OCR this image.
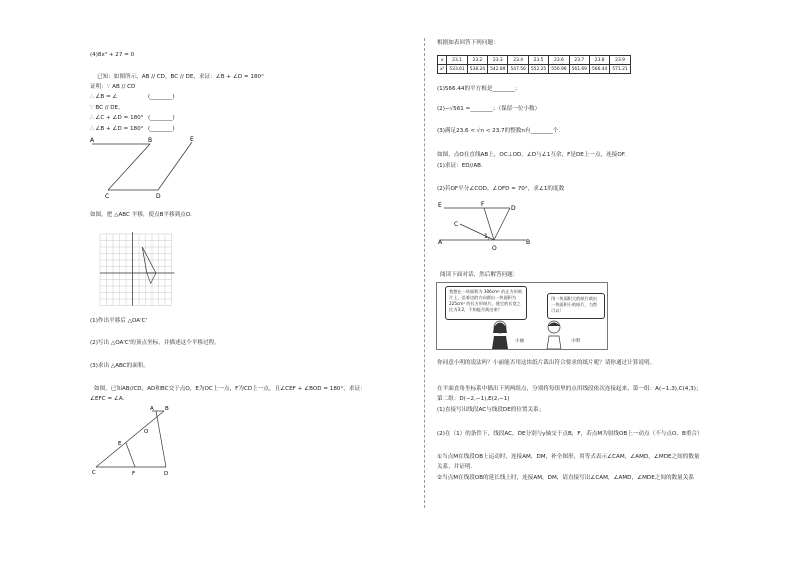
(4)8x³ + 27 = 0
已知：如图所示，AB // CD，BC // DE，求证：∠B + ∠D = 180°
证明：∵ AB // CD
∴ ∠B = ∠	(________)
∵ BC // DE，
∴ ∠C + ∠D = 180° (________)
∴ ∠B + ∠D = 180° (________)
A	B
C	D
E
如图，把 △ABC 平移，使点B平移到点O.
(1)作出平移后 △OA'C'
(2)写出 △OA'C'的顶点坐标，并描述这个平移过程。
(3)求出 △ABC的面积。
如图，已知AB//CD，AD和BC交于点O，E为OC上一点，F为CD上一点，且∠CEF + ∠BOD = 180°，求证：
∠EFC = ∠A.
A B
O
E
C	F	D
根据如表回答下列问题：
x	23.1	23.2	23.3	23.4	23.5	23.6	23.7	23.8	23.9
x²	533.61	538.24	542.89	547.56	552.25	556.96	561.69	566.44	571.21
(1)566.44的平方根是________；
(2)−√561 ≈________；（保留一位小数）
(3)满足23.6 < √n < 23.7的整数n有________个.
如图，点O在直线AB上，OC⊥OD，∠D与∠1互余，F是DE上一点，连接OF.
(1)求证：ED//AB.
(2)若OF平分∠COD，∠OFD = 70°，求∠1的度数
E	F
D
C
1
A
O
B
阅读下面对话，然后解答问题：
我想在一块面积为 306cm² 的正方形纸片上，沿着边的方向裁出一块面积为 225cm² 的长方形纸片，使它的长宽之比为3:2，不知能否裁出来？
用一块面积大的纸片裁出一块面积小的纸片，当然可以！
小丽	小明
你同意小明的说法吗？小丽能否用这块纸片裁出符合要求的纸片呢？请你通过计算说明。
在平面直角坐标系中描出下列两组点，分别将每组里的点用线段依次连接起来，第一组：A(−1,3),C(4,3)；
第二组：D(−2,−1),E(2,−1)
(1)直接写出线段AC与线段DE的位置关系；
(2)在（1）的条件下，线段AC，DE分别与y轴交于点B，F，若点M为射线OB上一动点（不与点O，B重合）
①当点M在线段OB上运动时，连接AM，DM，补全图形，用等式表示∠CAM，∠AMD，∠MDE之间的数量
关系，并证明.
②当点M在线段OB的延长线上时，连接AM，DM，请直接写出∠CAM，∠AMD，∠MDE之间的数量关系
